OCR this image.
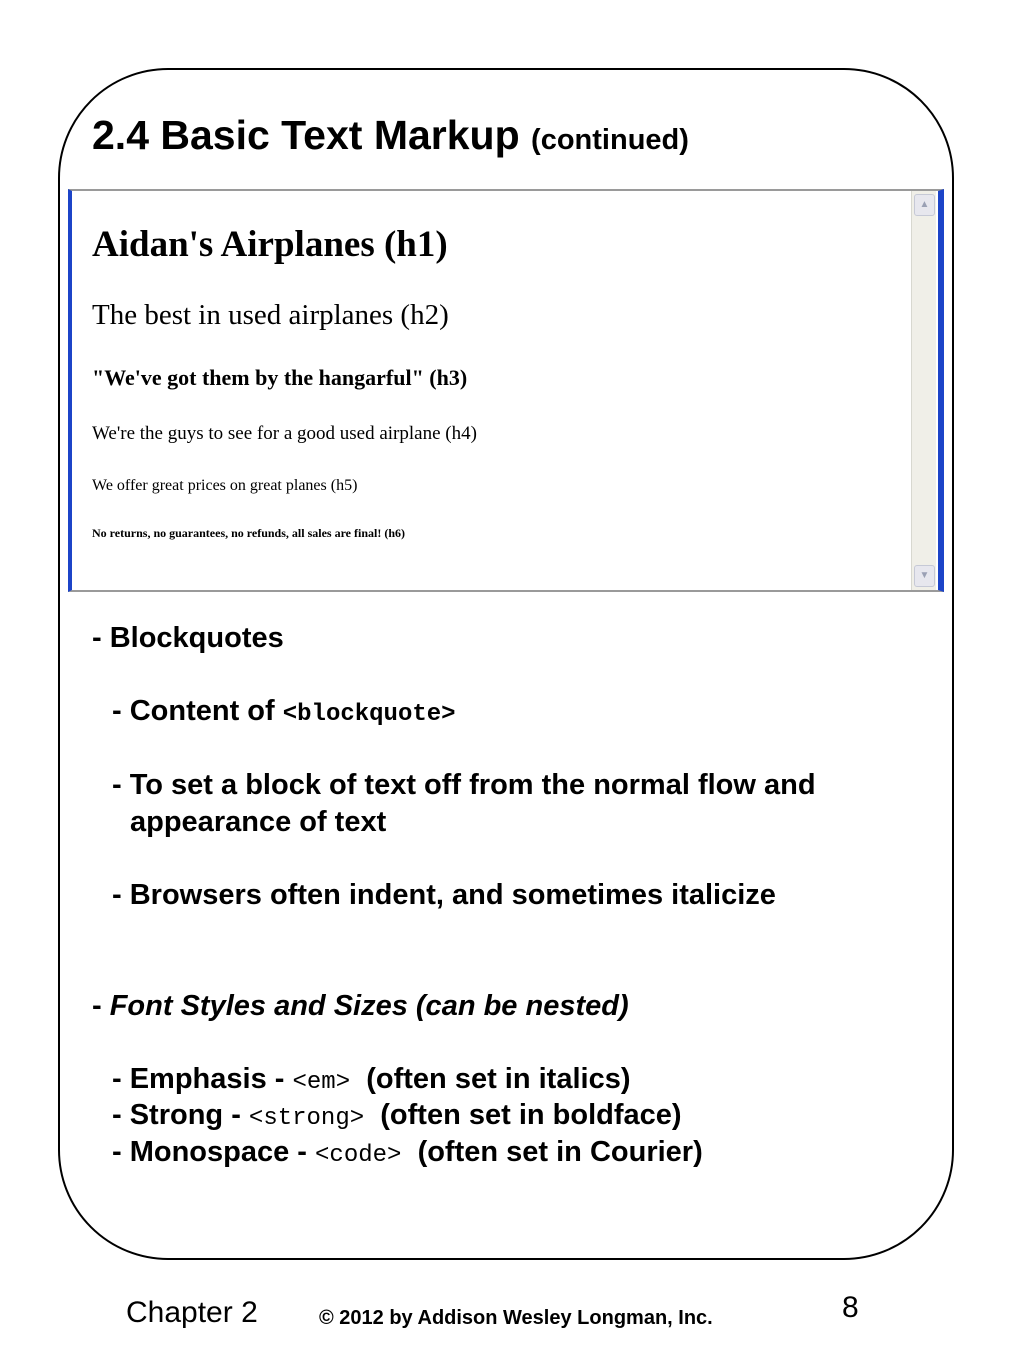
2.4 Basic Text Markup (continued)

Aidan's Airplanes (h1)

The best in used airplanes (h2)

"We've got them by the hangarful" (h3)

We're the guys to see for a good used airplane (h4)

We offer great prices on great planes (h5)

No returns, no guarantees, no refunds, all sales are final! (h6)

▲
▼

- Blockquotes

- Content of <blockquote>

- To set a block of text off from the normal flow and

appearance of text

- Browsers often indent, and sometimes italicize

- Font Styles and Sizes (can be nested)

- Emphasis - <em> (often set in italics)

- Strong - <strong> (often set in boldface)

- Monospace - <code> (often set in Courier)

Chapter 2	© 2012 by Addison Wesley Longman, Inc.	8
